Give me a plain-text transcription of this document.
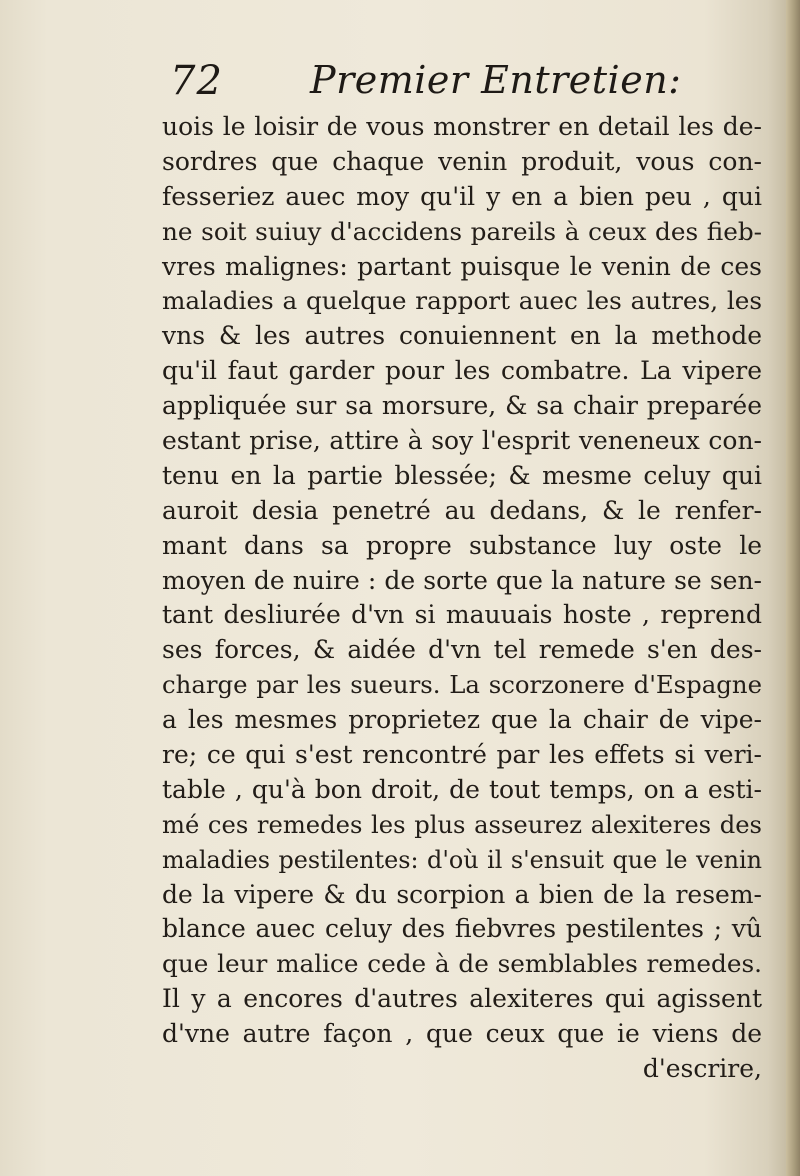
72 Premier Entretien:
uois le loisir de vous monstrer en detail les de-
sordres que chaque venin produit, vous con-
fesseriez auec moy qu'il y en a bien peu , qui
ne soit suiuy d'accidens pareils à ceux des fieb-
vres malignes: partant puisque le venin de ces
maladies a quelque rapport auec les autres, les
vns & les autres conuiennent en la methode
qu'il faut garder pour les combatre. La vipere
appliquée sur sa morsure, & sa chair preparée
estant prise, attire à soy l'esprit veneneux con-
tenu en la partie blessée; & mesme celuy qui
auroit desia penetré au dedans, & le renfer-
mant dans sa propre substance luy oste le
moyen de nuire : de sorte que la nature se sen-
tant desliurée d'vn si mauuais hoste , reprend
ses forces, & aidée d'vn tel remede s'en des-
charge par les sueurs. La scorzonere d'Espagne
a les mesmes proprietez que la chair de vipe-
re; ce qui s'est rencontré par les effets si veri-
table , qu'à bon droit, de tout temps, on a esti-
mé ces remedes les plus asseurez alexiteres des
maladies pestilentes: d'où il s'ensuit que le venin
de la vipere & du scorpion a bien de la resem-
blance auec celuy des fiebvres pestilentes ; vû
que leur malice cede à de semblables remedes.
Il y a encores d'autres alexiteres qui agissent
d'vne autre façon , que ceux que ie viens de
d'escrire,
